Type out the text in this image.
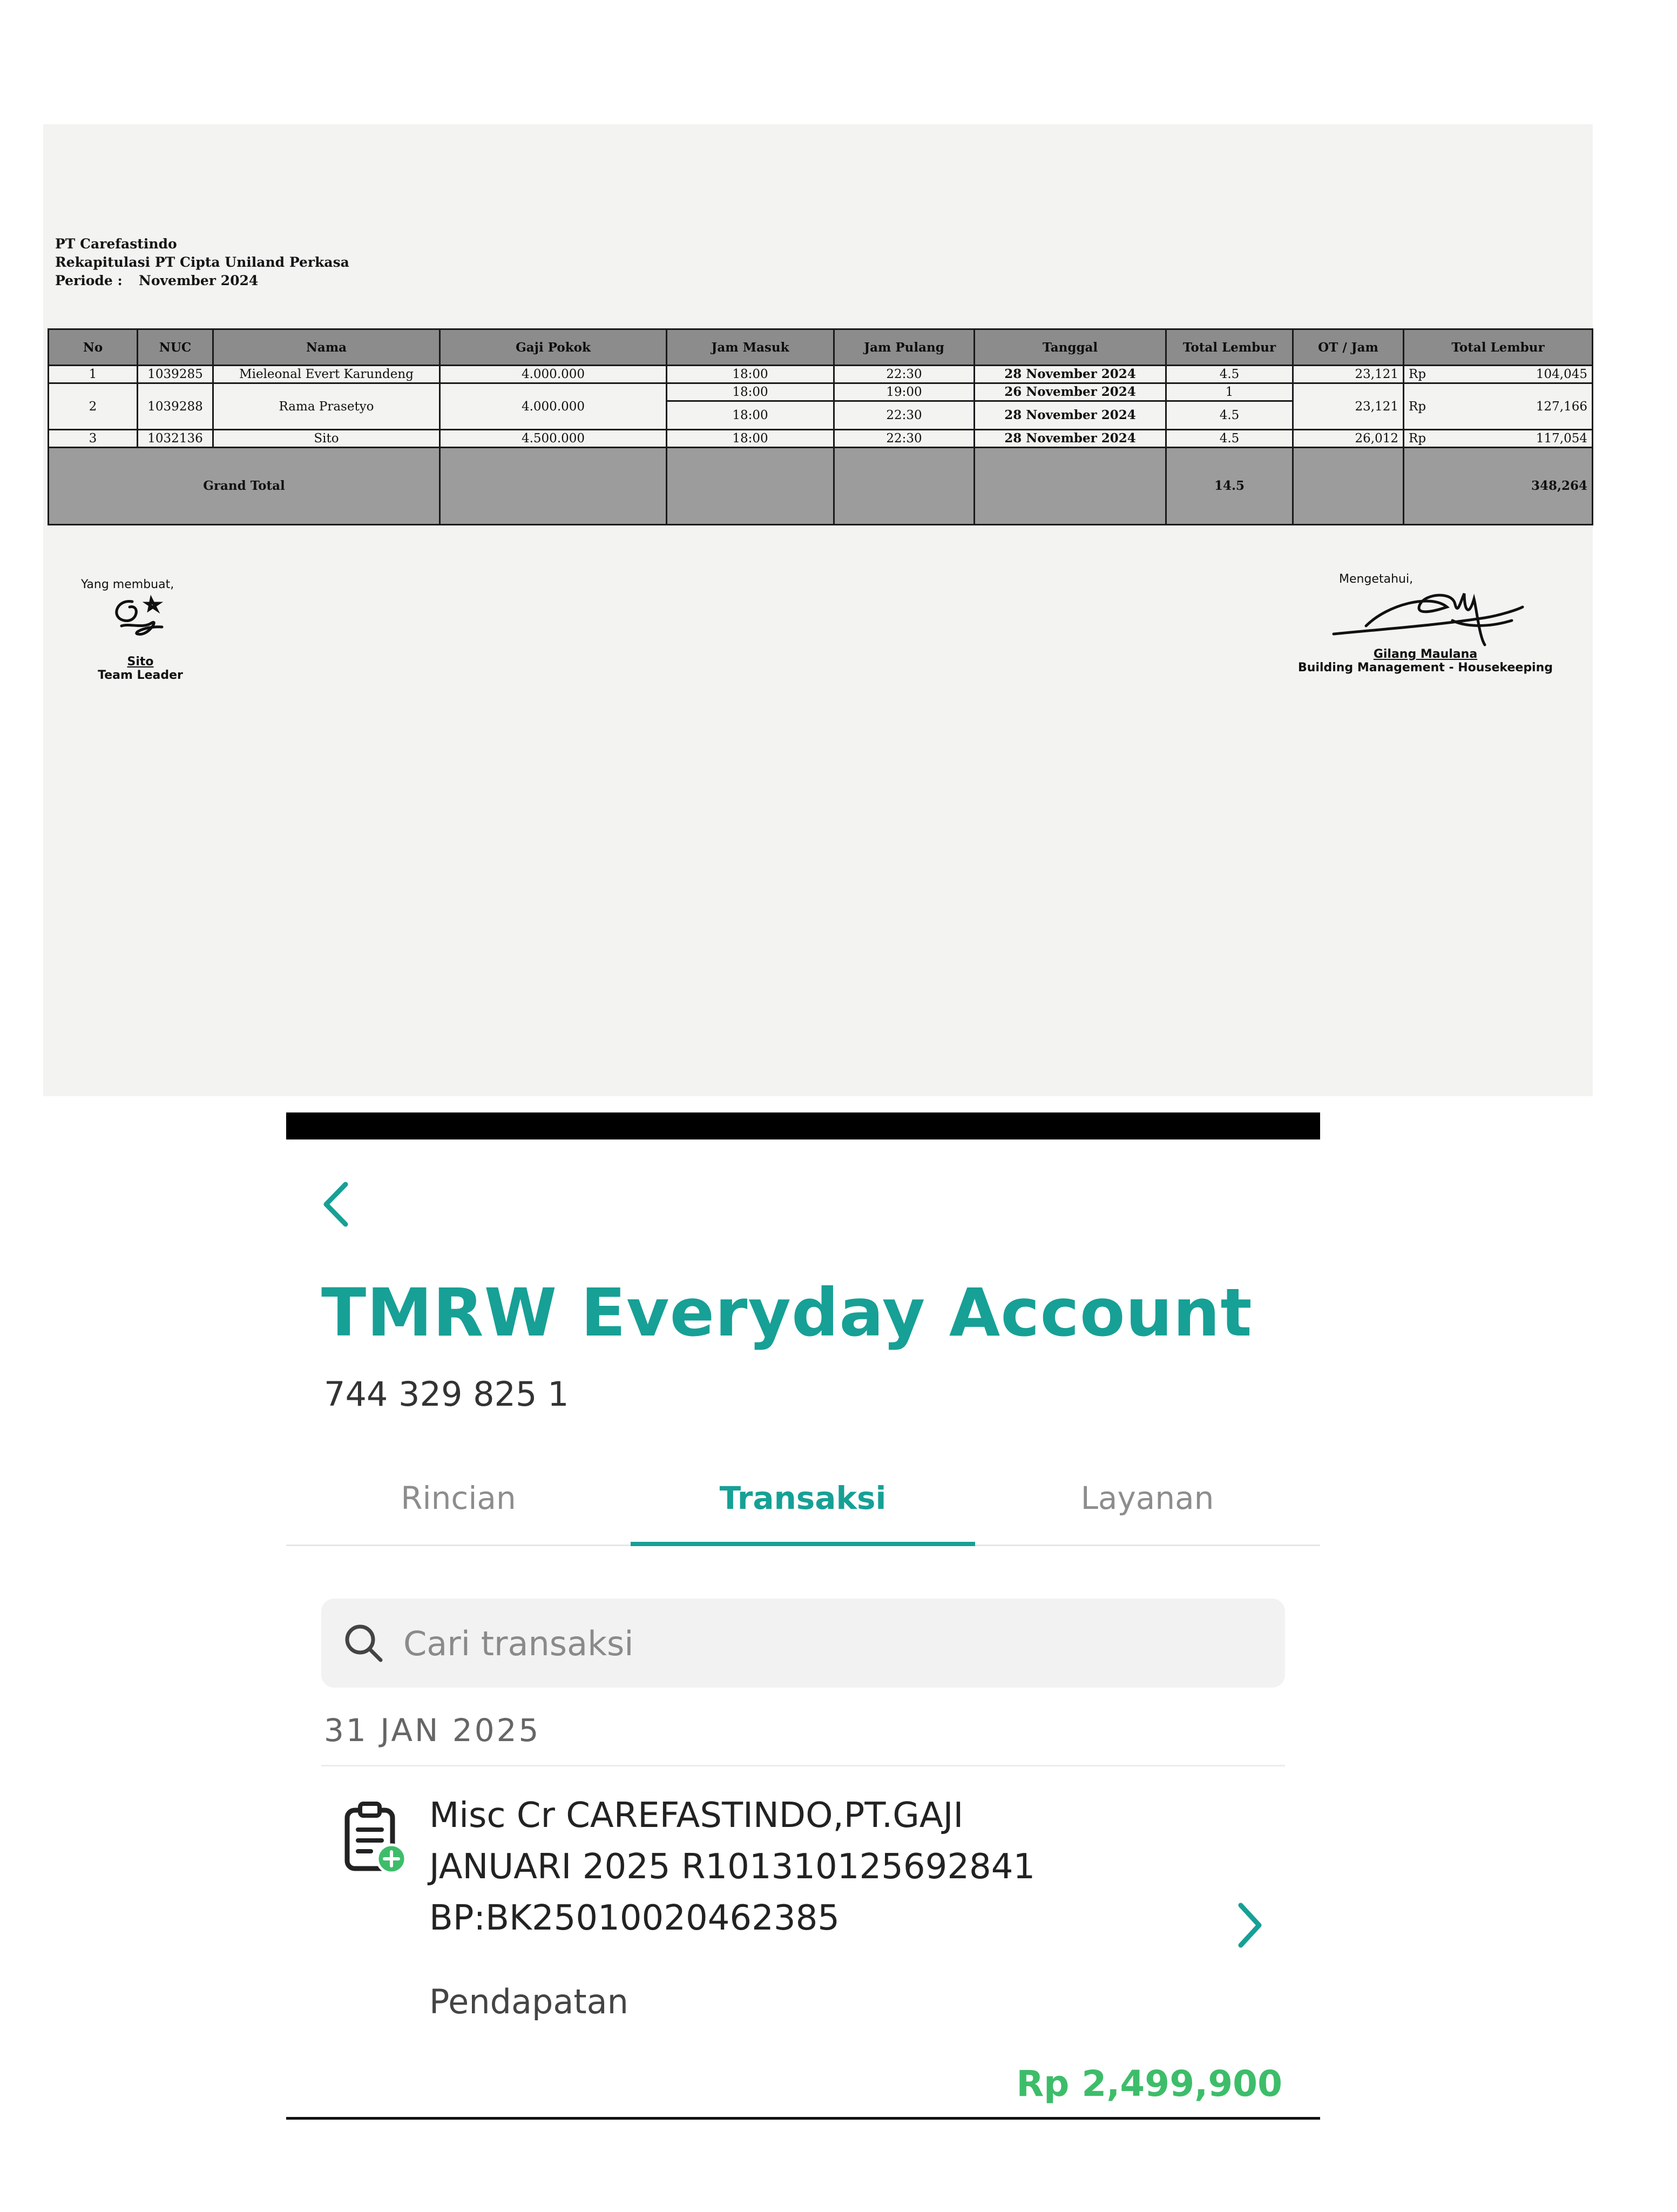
PT Carefastindo
Rekapitulasi PT Cipta Uniland Perkasa
Periode :	November 2024
No	NUC	Nama	Gaji Pokok	Jam Masuk	Jam Pulang	Tanggal	Total Lembur	OT / Jam	Total Lembur
1	1039285	Mieleonal Evert Karundeng	4.000.000	18:00	22:30	28 November 2024	4.5	23,121	Rp 104,045

2	1039288	Rama Prasetyo	4.000.000	18:00	19:00	26 November 2024	1	23,121	Rp 127,166

				18:00	22:30	28 November 2024	4.5		
3	1032136	Sito	4.500.000	18:00	22:30	28 November 2024	4.5	26,012	Rp 117,054

Grand Total							14.5		348,264
Yang membuat,
Sito
Team Leader
Mengetahui,
Gilang Maulana
Building Management - Housekeeping
TMRW Everyday Account
744 329 825 1
Rincian	Transaksi	Layanan
Cari transaksi
31 JAN 2025
Misc Cr CAREFASTINDO,PT.GAJI
JANUARI 2025 R101310125692841
BP:BK25010020462385
Pendapatan
Rp 2,499,900
